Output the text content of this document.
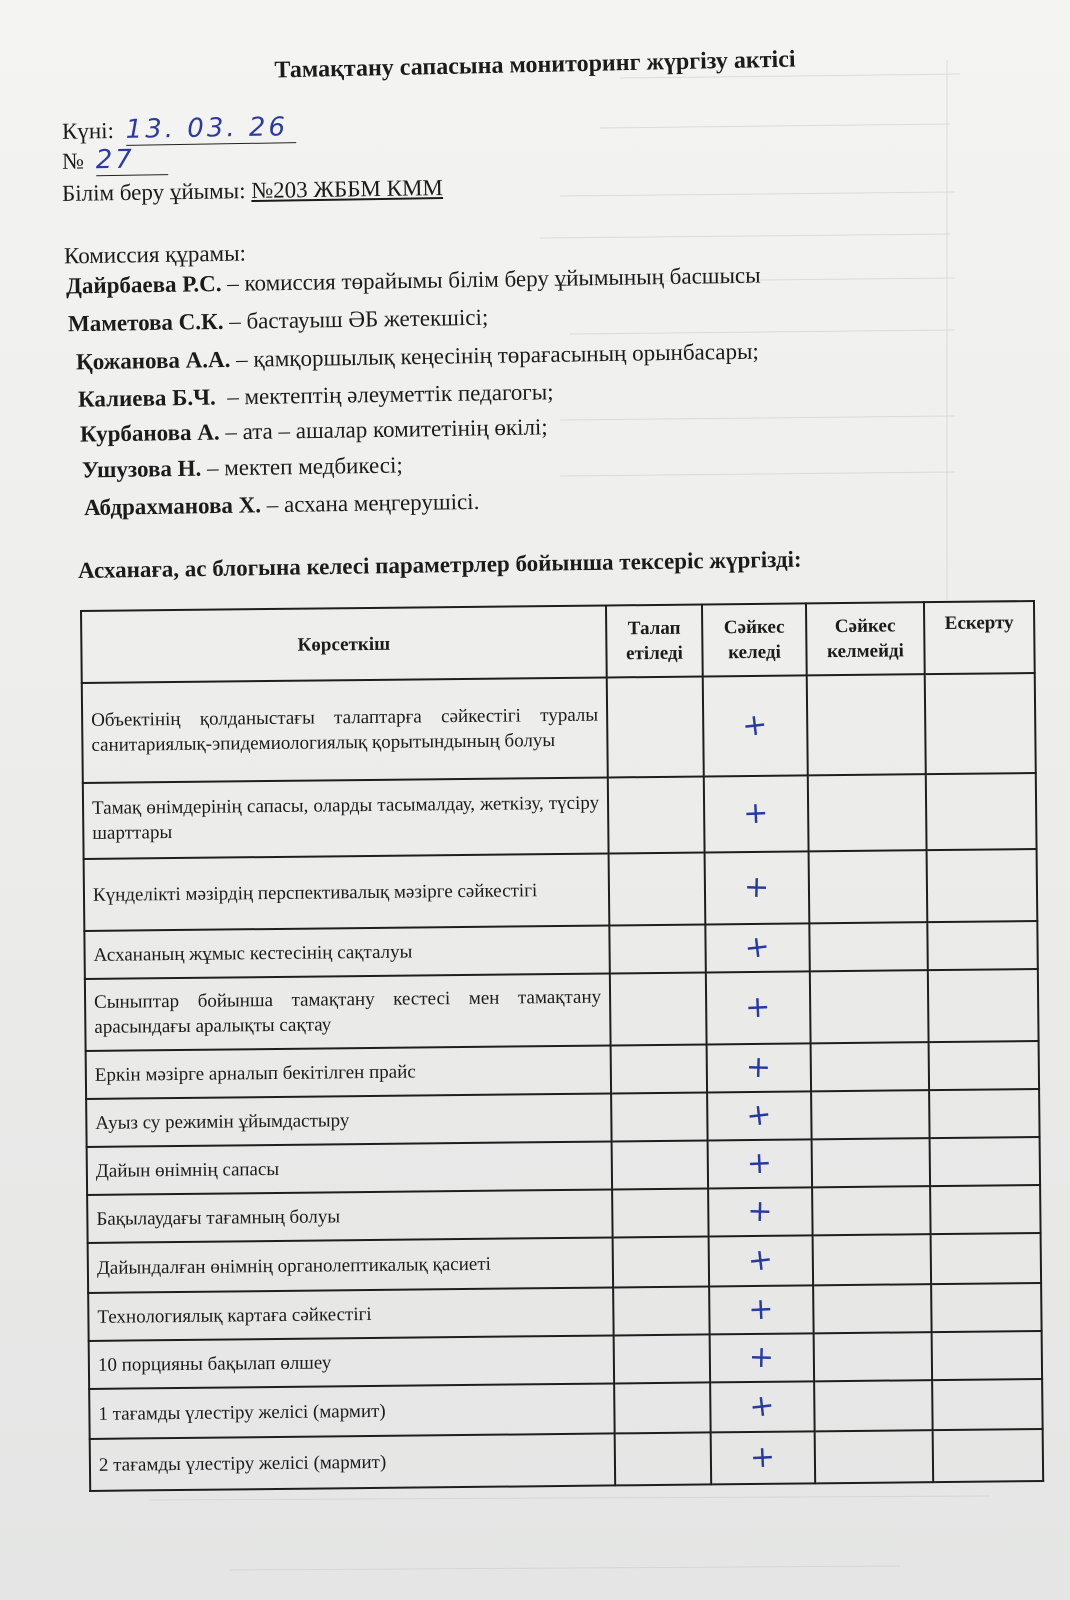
Тамақтану сапасына мониторинг жүргізу актісі
Күні: 13. 03. 26
№ 27
Білім беру ұйымы: №203 ЖББМ КММ
Комиссия құрамы:
Дайрбаева Р.С. – комиссия төрайымы білім беру ұйымының басшысы
Маметова С.К. – бастауыш ӘБ жетекшісі;
Қожанова А.А. – қамқоршылық кеңесінің төрағасының орынбасары;
Калиева Б.Ч.  – мектептің әлеуметтік педагогы;
Курбанова А. – ата – ашалар комитетінің өкілі;
Ушузова Н. – мектеп медбикесі;
Абдрахманова Х. – асхана меңгерушісі.
Асханаға, ас блогына келесі параметрлер бойынша тексеріс жүргізді:
Көрсеткіш	Талап етіледі	Сәйкес келеді	Сәйкес келмейді	Ескерту
Объектінің қолданыстағы талаптарға сәйкестігі туралы санитариялық-эпидемиологиялық қорытындының болуы		+		
Тамақ өнімдерінің сапасы, оларды тасымалдау, жеткізу, түсіру шарттары		+		
Күнделікті мәзірдің перспективалық мәзірге сәйкестігі		+		
Асхананың жұмыс кестесінің сақталуы		+		
Сыныптар бойынша тамақтану кестесі мен тамақтану арасындағы аралықты сақтау		+		
Еркін мәзірге арналып бекітілген прайс		+		
Ауыз су режимін ұйымдастыру		+		
Дайын өнімнің сапасы		+		
Бақылаудағы тағамның болуы		+		
Дайындалған өнімнің органолептикалық қасиеті		+		
Технологиялық картаға сәйкестігі		+		
10 порцияны бақылап өлшеу		+		
1 тағамды үлестіру желісі (мармит)		+		
2 тағамды үлестіру желісі (мармит)		+		
